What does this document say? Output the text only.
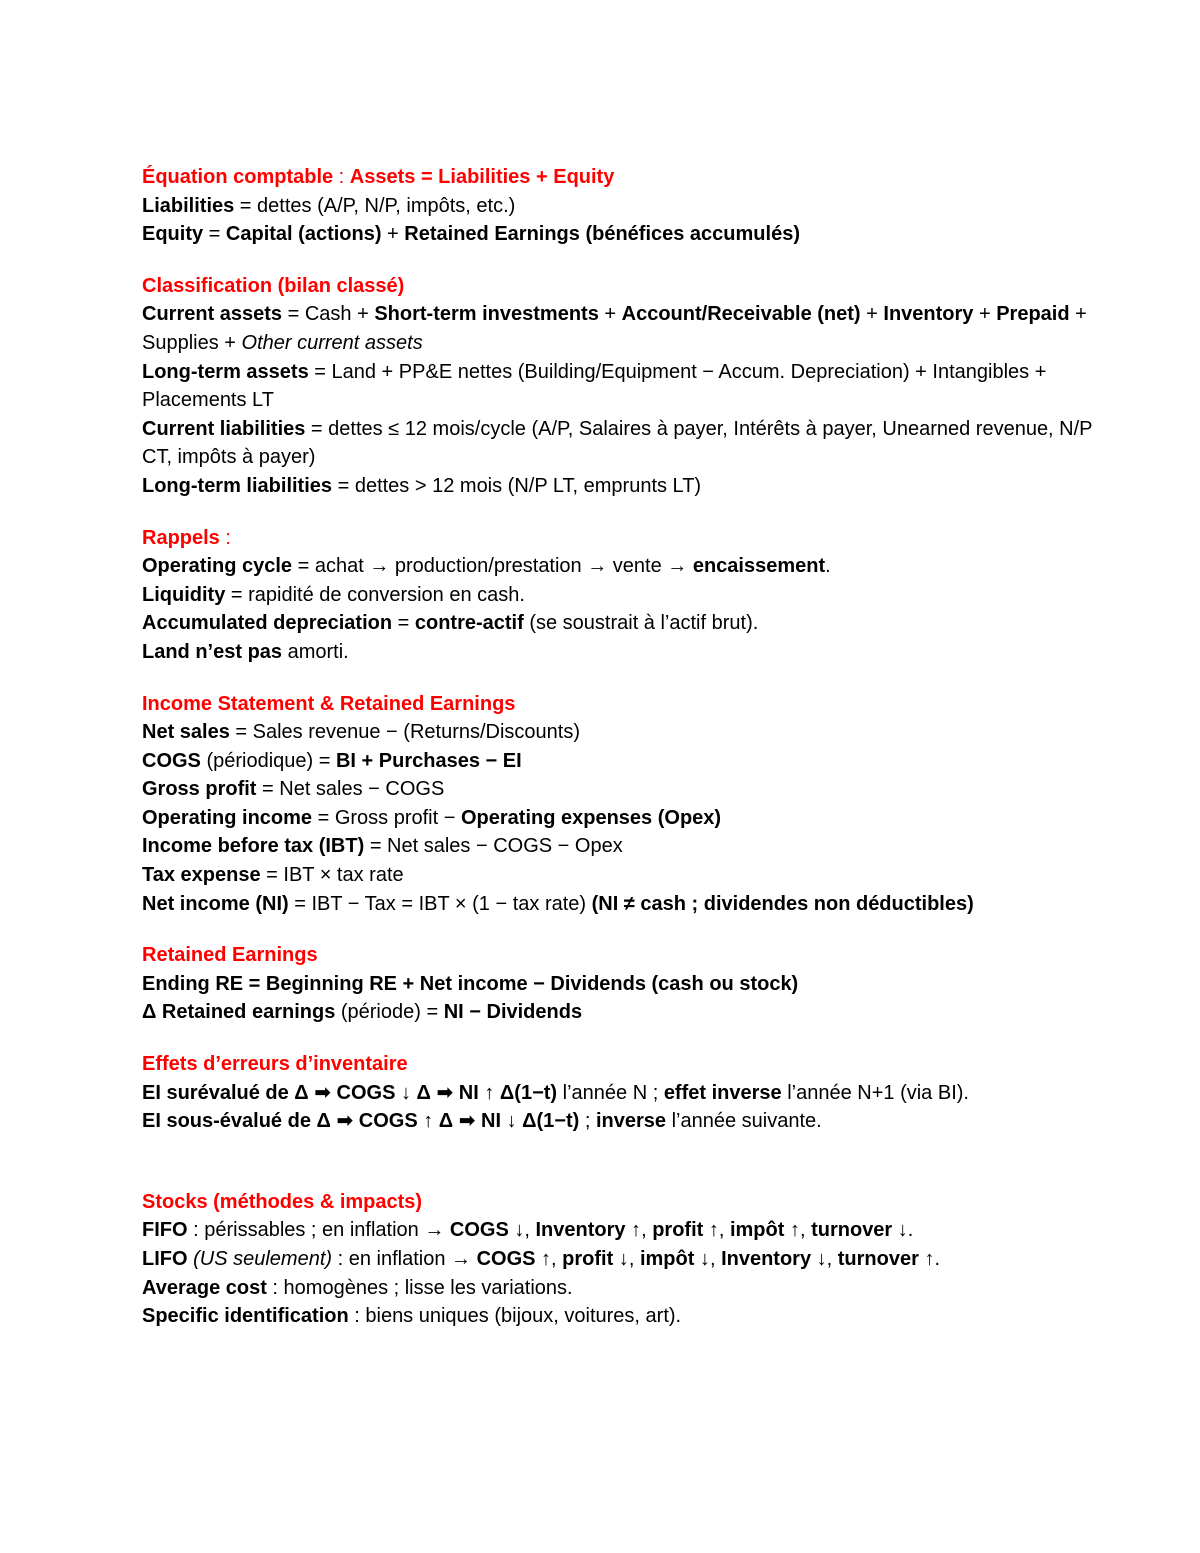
Équation comptable : Assets = Liabilities + Equity
Liabilities = dettes (A/P, N/P, impôts, etc.)
Equity = Capital (actions) + Retained Earnings (bénéfices accumulés)
Classification (bilan classé)
Current assets = Cash + Short-term investments + Account/Receivable (net) + Inventory + Prepaid + Supplies + Other current assets
Long-term assets = Land + PP&E nettes (Building/Equipment − Accum. Depreciation) + Intangibles + Placements LT
Current liabilities = dettes ≤ 12 mois/cycle (A/P, Salaires à payer, Intérêts à payer, Unearned revenue, N/P CT, impôts à payer)
Long-term liabilities = dettes > 12 mois (N/P LT, emprunts LT)
Rappels :
Operating cycle = achat → production/prestation → vente → encaissement.
Liquidity = rapidité de conversion en cash.
Accumulated depreciation = contre-actif (se soustrait à l’actif brut).
Land n’est pas amorti.
Income Statement & Retained Earnings
Net sales = Sales revenue − (Returns/Discounts)
COGS (périodique) = BI + Purchases − EI
Gross profit = Net sales − COGS
Operating income = Gross profit − Operating expenses (Opex)
Income before tax (IBT) = Net sales − COGS − Opex
Tax expense = IBT × tax rate
Net income (NI) = IBT − Tax = IBT × (1 − tax rate) (NI ≠ cash ; dividendes non déductibles)
Retained Earnings
Ending RE = Beginning RE + Net income − Dividends (cash ou stock)
Δ Retained earnings (période) = NI − Dividends
Effets d’erreurs d’inventaire
EI surévalué de Δ ➡ COGS ↓ Δ ➡ NI ↑ Δ(1−t) l’année N ; effet inverse l’année N+1 (via BI).
EI sous-évalué de Δ ➡ COGS ↑ Δ ➡ NI ↓ Δ(1−t) ; inverse l’année suivante.
Stocks (méthodes & impacts)
FIFO : périssables ; en inflation → COGS ↓, Inventory ↑, profit ↑, impôt ↑, turnover ↓.
LIFO (US seulement) : en inflation → COGS ↑, profit ↓, impôt ↓, Inventory ↓, turnover ↑.
Average cost : homogènes ; lisse les variations.
Specific identification : biens uniques (bijoux, voitures, art).
